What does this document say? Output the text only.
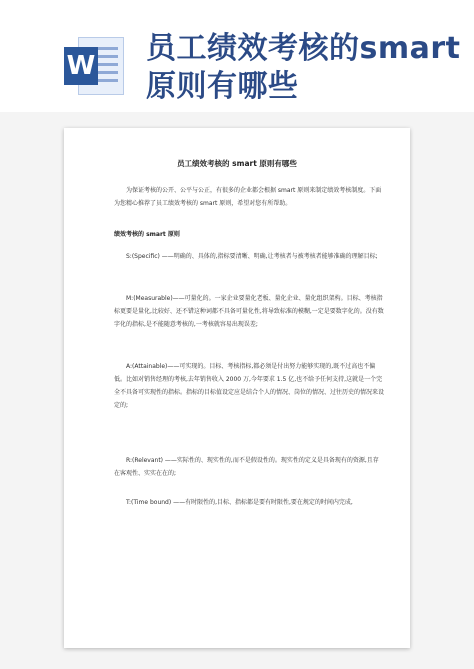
W 员工绩效考核的smart原则有哪些
员工绩效考核的 smart 原则有哪些
为保证考核的公开、公平与公正，有很多的企业都会根据 smart 原则来制定绩效考核制度。下面为您精心推荐了员工绩效考核的 smart 原则，希望对您有所帮助。
绩效考核的 smart 原则
S:(Specific) ——明确的、具体的,指标要清晰、明确,让考核者与被考核者能够准确的理解目标;
M:(Measurable)——可量化的。一家企业要量化老板、量化企业、量化组织架构。目标、考核指标更要是量化,比较好、还不错这种词都不具备可量化性,将导致标准的模糊,一定是要数字化的。没有数字化的指标,是不能随意考核的,一考核就容易出现误差;
A:(Attainable)——可实现的。目标、考核指标,都必须是付出努力能够实现的,既不过高也不偏低。比如对销售经理的考核,去年销售收入 2000 万,今年要求 1.5 亿,也不给予任何支持,这就是一个完全不具备可实现性的指标。指标的目标值设定应是结合个人的情况、岗位的情况、过往历史的情况来设定的;
R:(Relevant) ——实际性的、现实性的,而不是假设性的。现实性的定义是具备现有的资源,且存在客观性、实实在在的;
T:(Time bound) ——有时限性的,目标、指标都是要有时限性,要在规定的时间内完成,
